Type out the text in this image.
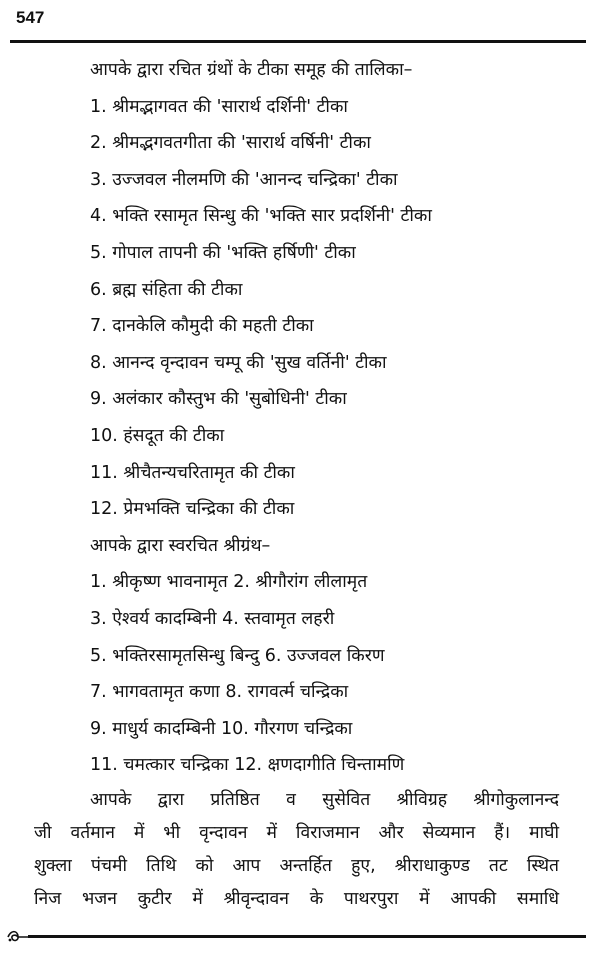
547
आपके द्वारा रचित ग्रंथों के टीका समूह की तालिका–
1. श्रीमद्भागवत की 'सारार्थ दर्शिनी' टीका
2. श्रीमद्भगवतगीता की 'सारार्थ वर्षिनी' टीका
3. उज्जवल नीलमणि की 'आनन्द चन्द्रिका' टीका
4. भक्ति रसामृत सिन्धु की 'भक्ति सार प्रदर्शिनी' टीका
5. गोपाल तापनी की 'भक्ति हर्षिणी' टीका
6. ब्रह्म संहिता की टीका
7. दानकेलि कौमुदी की महती टीका
8. आनन्द वृन्दावन चम्पू की 'सुख वर्तिनी' टीका
9. अलंकार कौस्तुभ की 'सुबोधिनी' टीका
10. हंसदूत की टीका
11. श्रीचैतन्यचरितामृत की टीका
12. प्रेमभक्ति चन्द्रिका की टीका
आपके द्वारा स्वरचित श्रीग्रंथ–
1. श्रीकृष्ण भावनामृत 2. श्रीगौरांग लीलामृत
3. ऐश्वर्य कादम्बिनी 4. स्तवामृत लहरी
5. भक्तिरसामृतसिन्धु बिन्दु 6. उज्जवल किरण
7. भागवतामृत कणा 8. रागवर्त्म चन्द्रिका
9. माधुर्य कादम्बिनी 10. गौरगण चन्द्रिका
11. चमत्कार चन्द्रिका 12. क्षणदागीति चिन्तामणि
आपके द्वारा प्रतिष्ठित व सुसेवित श्रीविग्रह श्रीगोकुलानन्द
जी वर्तमान में भी वृन्दावन में विराजमान और सेव्यमान हैं। माघी
शुक्ला पंचमी तिथि को आप अन्तर्हित हुए, श्रीराधाकुण्ड तट स्थित
निज भजन कुटीर में श्रीवृन्दावन के पाथरपुरा में आपकी समाधि
